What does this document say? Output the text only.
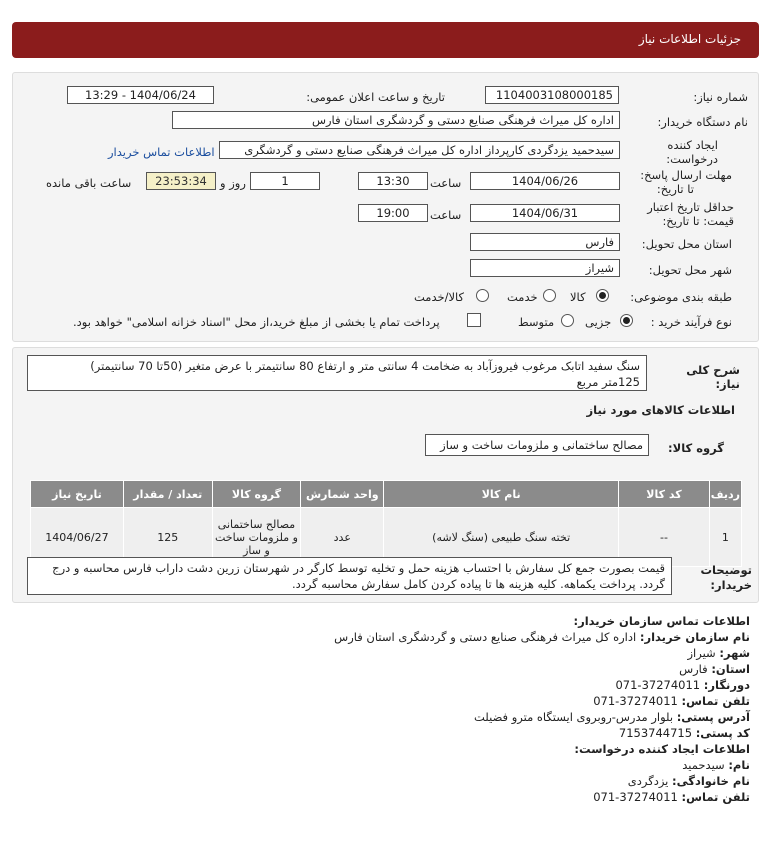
جزئیات اطلاعات نیاز
شماره نیاز:
1104003108000185
تاریخ و ساعت اعلان عمومی:
1404/06/24 - 13:29
نام دستگاه خریدار:
اداره کل میراث فرهنگی صنایع دستی و گردشگری استان فارس
ایجاد کننده
درخواست:
سیدحمید یزدگردی کارپرداز اداره کل میراث فرهنگی صنایع دستی و گردشگری
اطلاعات تماس خریدار
مهلت ارسال پاسخ:
تا تاریخ:
1404/06/26
ساعت
13:30
1
روز و
23:53:34
ساعت باقی مانده
حداقل تاریخ اعتبار
قیمت: تا تاریخ:
1404/06/31
ساعت
19:00
استان محل تحویل:
فارس
شهر محل تحویل:
شیراز
طبقه بندی موضوعی:
کالا
خدمت
کالا/خدمت
نوع فرآیند خرید :
جزیی
متوسط
پرداخت تمام یا بخشی از مبلغ خرید،از محل "اسناد خزانه اسلامی" خواهد بود.
شرح کلی
نیاز:
سنگ سفید اتابک مرغوب فیروزآباد به ضخامت 4 سانتی متر و ارتفاع 80 سانتیمتر با عرض متغیر (50تا 70 سانتیمتر)
125متر مربع
اطلاعات کالاهای مورد نیاز
گروه کالا:
مصالح ساختمانی و ملزومات ساخت و ساز
ردیف	کد کالا	نام کالا	واحد شمارش	گروه کالا	تعداد / مقدار	تاریخ نیاز
1	--	تخته سنگ طبیعی (سنگ لاشه)	عدد	مصالح ساختمانی
و ملزومات ساخت
و ساز	125	1404/06/27
توضیحات
خریدار:
قیمت بصورت جمع کل سفارش با احتساب هزینه حمل و تخلیه توسط کارگر در شهرستان زرین دشت داراب فارس محاسبه و درج
گردد. پرداخت یکماهه. کلیه هزینه ها تا پیاده کردن کامل سفارش محاسبه گردد.
اطلاعات تماس سازمان خریدار:
نام سازمان خریدار: اداره کل میراث فرهنگی صنایع دستی و گردشگری استان فارس
شهر: شیراز
استان: فارس
دورنگار: 071-37274011
تلفن تماس: 071-37274011
آدرس پستی: بلوار مدرس-روبروی ایستگاه مترو فضیلت
کد پستی: 7153744715
اطلاعات ایجاد کننده درخواست:
نام: سیدحمید
نام خانوادگی: یزدگردی
تلفن تماس: 071-37274011
